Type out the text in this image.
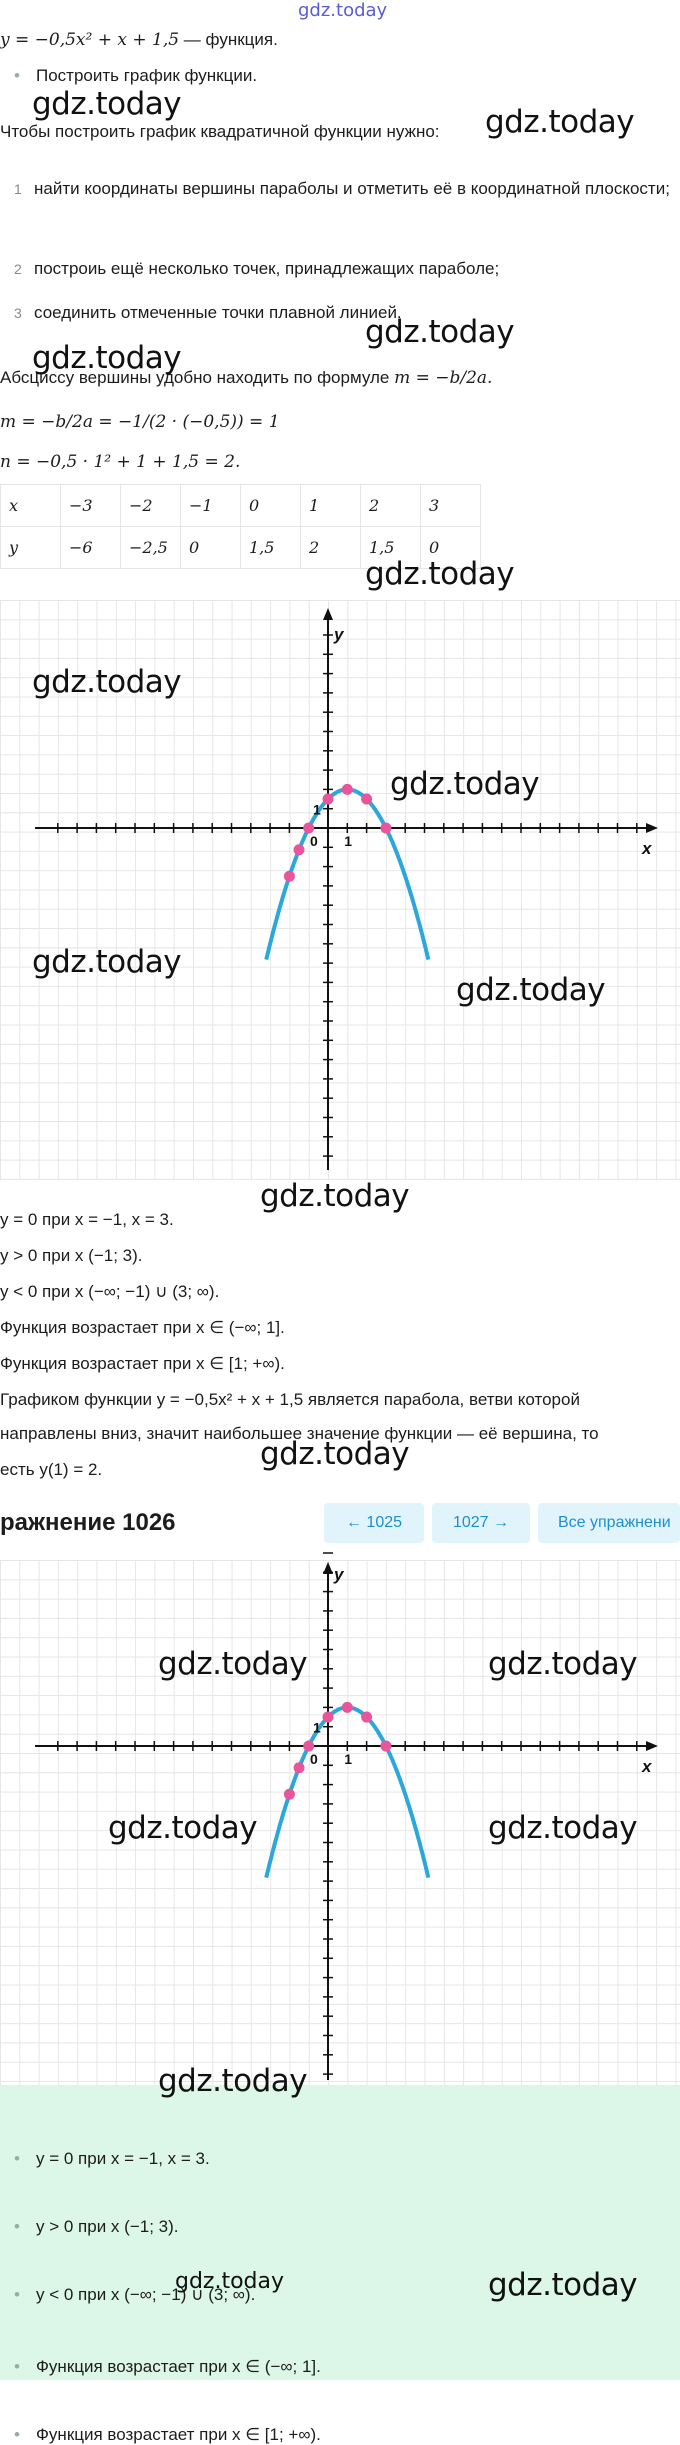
gdz.today
y = −0,5x² + x + 1,5 — функция.
• Построить график функции.
gdz.today
Чтобы построить график квадратичной функции нужно: gdz.today
1 найти координаты вершины параболы и отметить её в координатной плоскости;
2 построиь ещё несколько точек, принадлежащих параболе;
3 соединить отмеченные точки плавной линией.
gdz.today
gdz.today
Абсциссу вершины удобно находить по формуле m = −b/2a.
m = −b/2a = −1/(2 · (−0,5)) = 1
n = −0,5 · 1² + 1 + 1,5 = 2.
x	−3	−2	−1	0	1	2	3
y	−6	−2,5	0	1,5	2	1,5	0
gdz.today
x
y
0 1
1
gdz.today
gdz.today
gdz.today
gdz.today
gdz.today
y = 0 при x = −1, x = 3.
y > 0 при x (−1; 3).
y < 0 при x (−∞; −1) ∪ (3; ∞).
Функция возрастает при x ∈ (−∞; 1].
Функция возрастает при x ∈ [1; +∞).
Графиком функции y = −0,5x² + x + 1,5 является парабола, ветви которой
направлены вниз, значит наибольшее значение функции — её вершина, то
есть y(1) = 2.	gdz.today
ражнение 1026	← 1025	1027 →	Все упражнени
x
y
0 1
1
gdz.today	gdz.today
gdz.today	gdz.today
gdz.today
• y = 0 при x = −1, x = 3.
• y > 0 при x (−1; 3).
• y < 0 при x (−∞; −1) ∪ (3; ∞).
• Функция возрастает при x ∈ (−∞; 1].
• Функция возрастает при x ∈ [1; +∞).
gdz.today	gdz.today
